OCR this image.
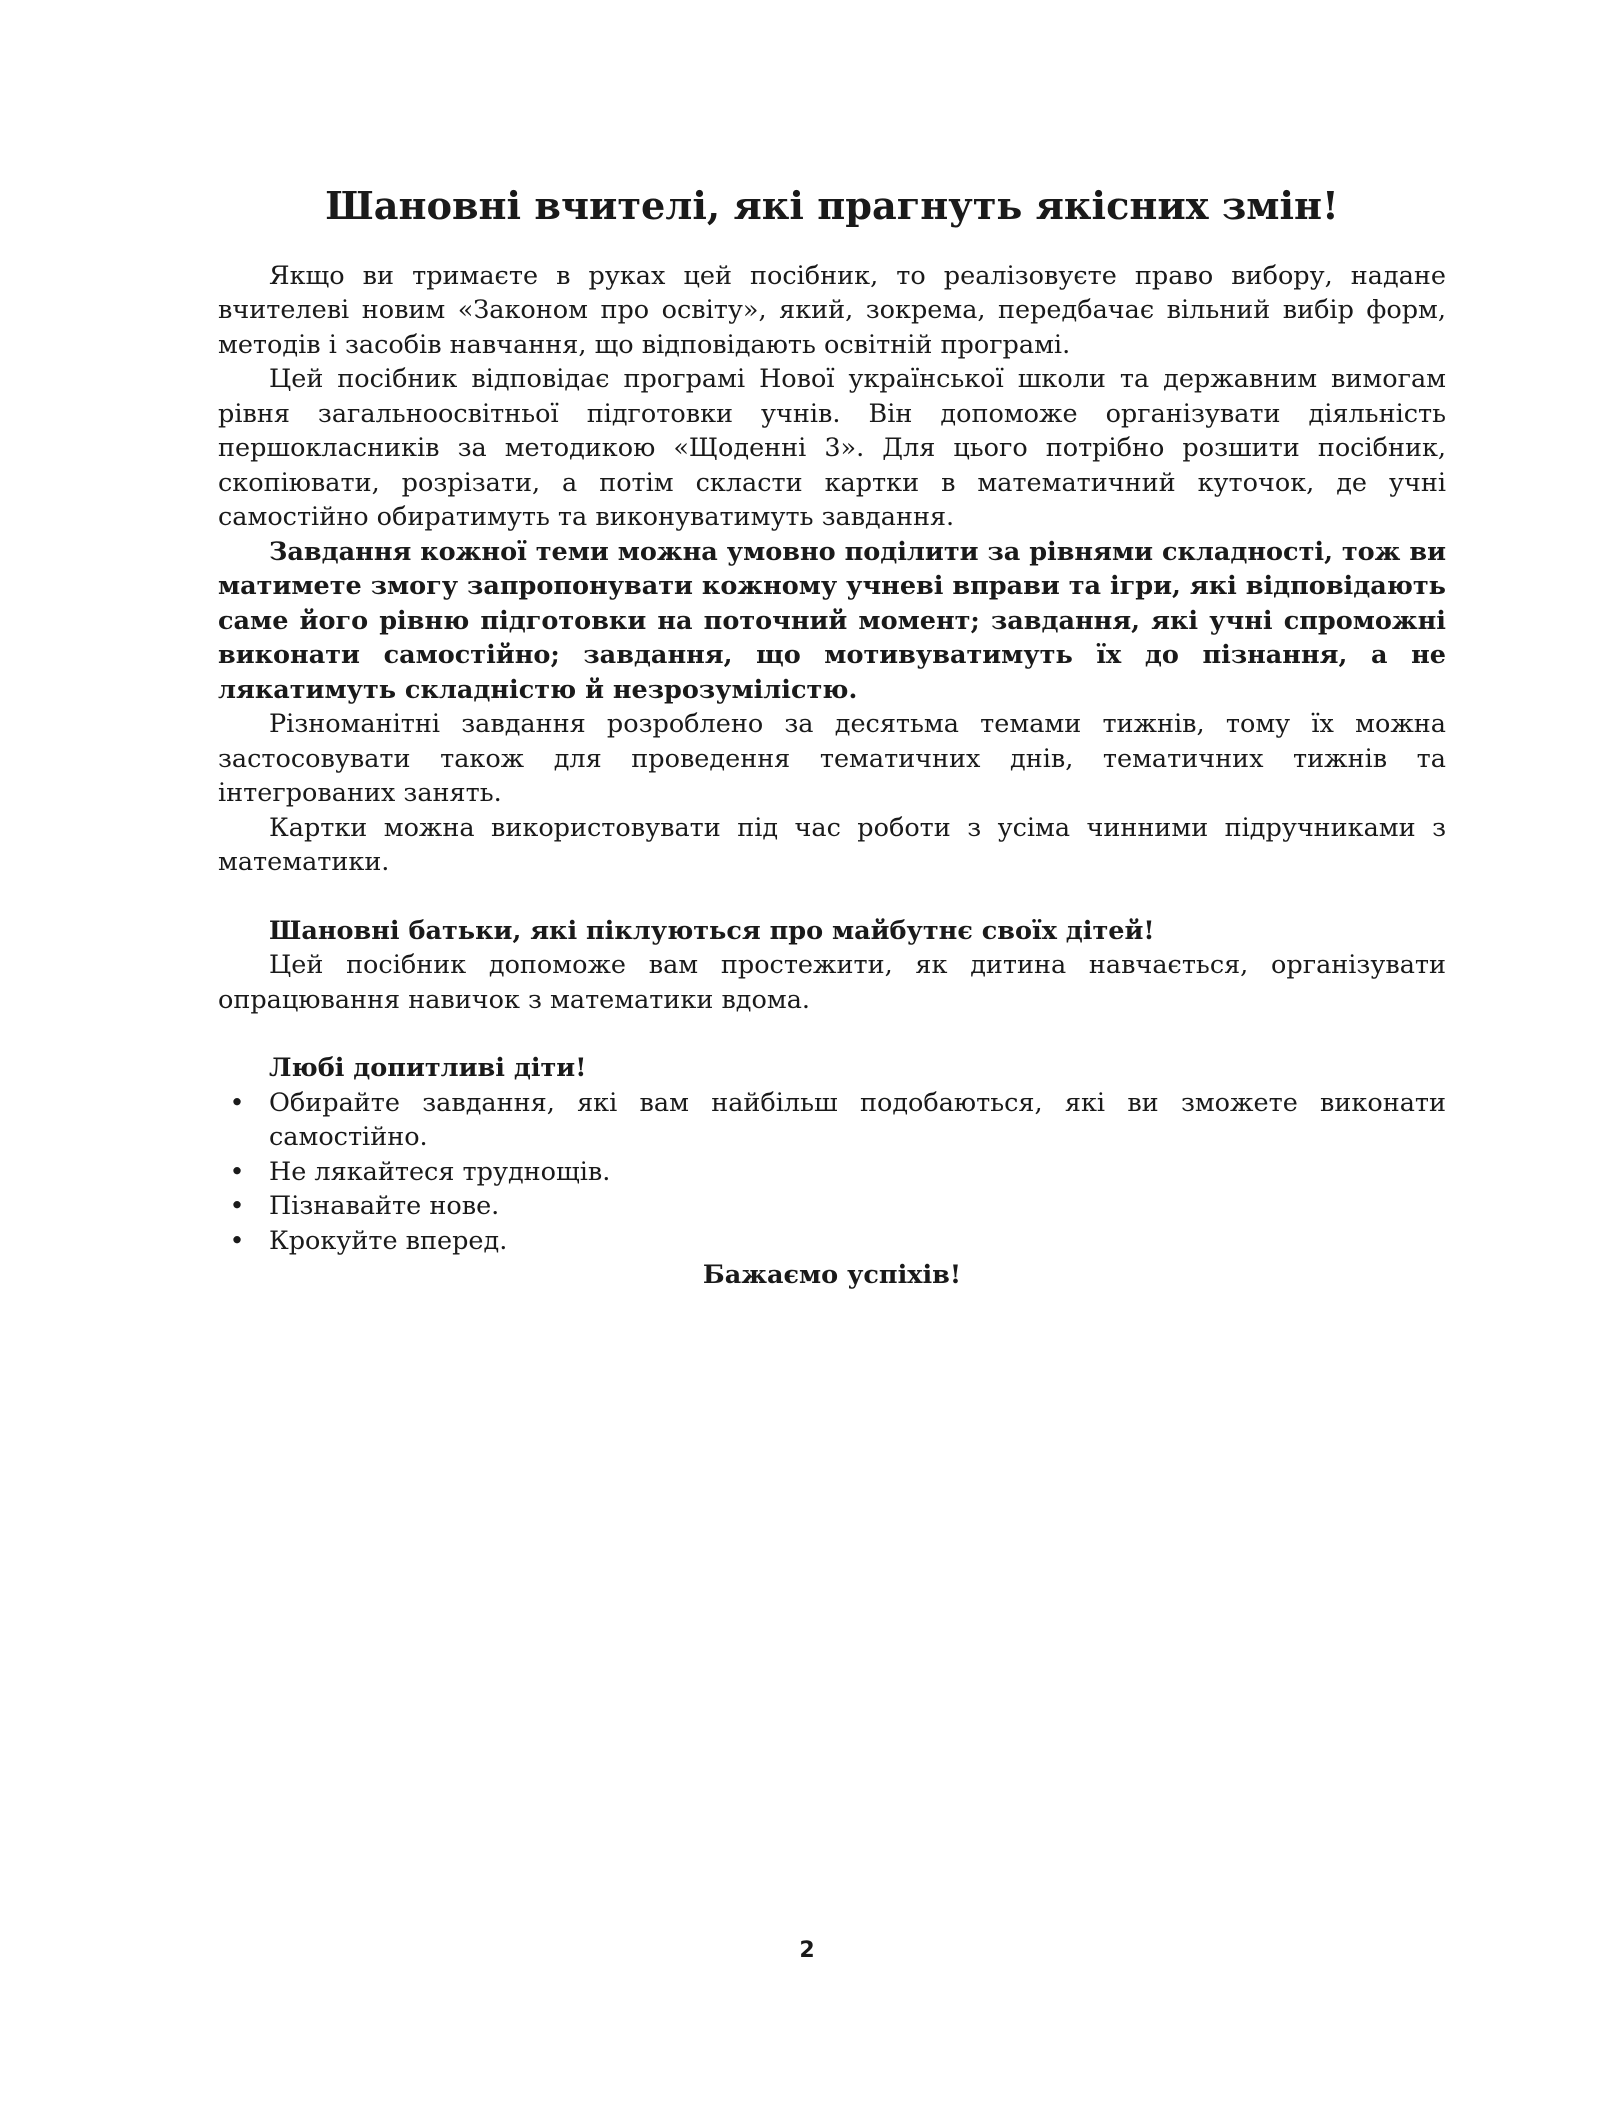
Шановні вчителі, які прагнуть якісних змін!

Якщо ви тримаєте в руках цей посібник, то реалізовуєте право вибору, надане вчителеві новим «Законом про освіту», який, зокрема, передбачає вільний вибір форм, методів і засобів навчання, що відповідають освітній програмі.

Цей посібник відповідає програмі Нової української школи та державним вимогам рівня загальноосвітньої підготовки учнів. Він допоможе організувати діяльність першокласників за методикою «Щоденні 3». Для цього потрібно розшити посібник, скопіювати, розрізати, а потім скласти картки в математичний куточок, де учні самостійно обиратимуть та виконуватимуть завдання.

Завдання кожної теми можна умовно поділити за рівнями складності, тож ви матимете змогу запропонувати кожному учневі вправи та ігри, які відповідають саме його рівню підготовки на поточний момент; завдання, які учні спроможні виконати самостійно; завдання, що мотивуватимуть їх до пізнання, а не лякатимуть складністю й незрозумілістю.

Різноманітні завдання розроблено за десятьма темами тижнів, тому їх можна застосовувати також для проведення тематичних днів, тематичних тижнів та інтегрованих занять.

Картки можна використовувати під час роботи з усіма чинними підручниками з математики.

Шановні батьки, які піклуються про майбутнє своїх дітей!

Цей посібник допоможе вам простежити, як дитина навчається, організувати опрацювання навичок з математики вдома.

Любі допитливі діти!

• Обирайте завдання, які вам найбільш подобаються, які ви зможете виконати самостійно.
• Не лякайтеся труднощів.
• Пізнавайте нове.
• Крокуйте вперед.

Бажаємо успіхів!

2
